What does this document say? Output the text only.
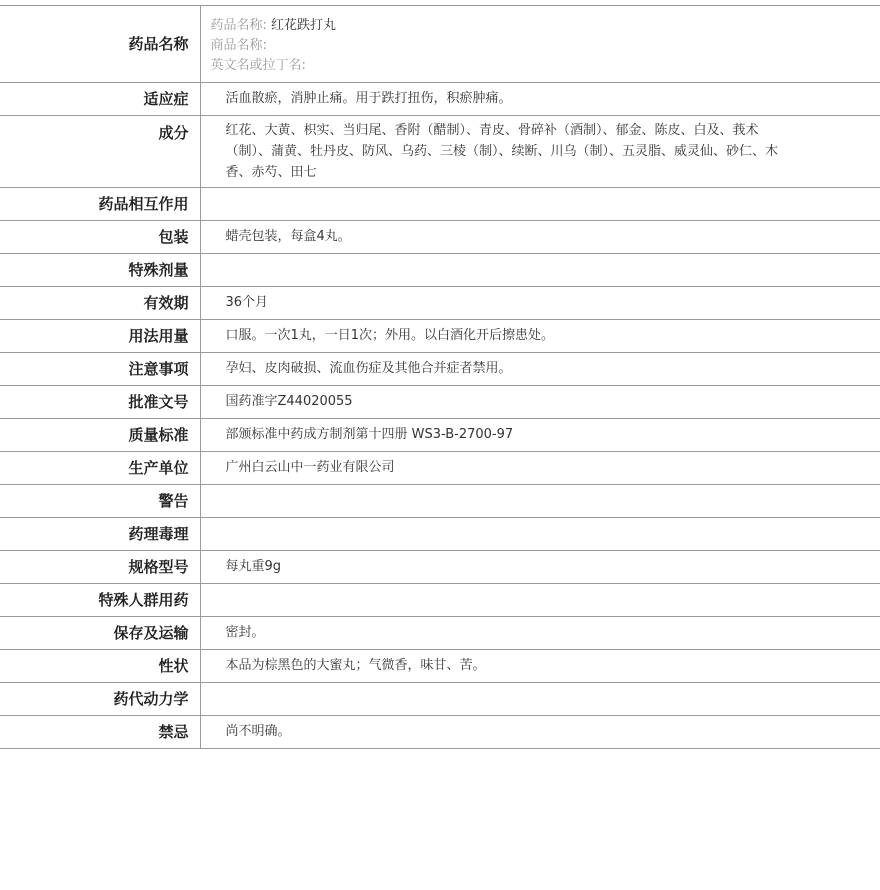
药品名称	药品名称: 红花跌打丸
商品名称:
英文名或拉丁名:

适应症	活血散瘀，消肿止痛。用于跌打扭伤，积瘀肿痛。
成分	红花、大黄、枳实、当归尾、香附（醋制）、青皮、骨碎补（酒制）、郁金、陈皮、白及、莪术（制）、蒲黄、牡丹皮、防风、乌药、三棱（制）、续断、川乌（制）、五灵脂、威灵仙、砂仁、木香、赤芍、田七
药品相互作用	
包装	蜡壳包装，每盒4丸。
特殊剂量	
有效期	36个月
用法用量	口服。一次1丸，一日1次；外用。以白酒化开后擦患处。
注意事项	孕妇、皮肉破损、流血伤症及其他合并症者禁用。
批准文号	国药准字Z44020055
质量标准	部颁标准中药成方制剂第十四册 WS3-B-2700-97
生产单位	广州白云山中一药业有限公司
警告	
药理毒理	
规格型号	每丸重9g
特殊人群用药	
保存及运输	密封。
性状	本品为棕黑色的大蜜丸；气微香，味甘、苦。
药代动力学	
禁忌	尚不明确。
